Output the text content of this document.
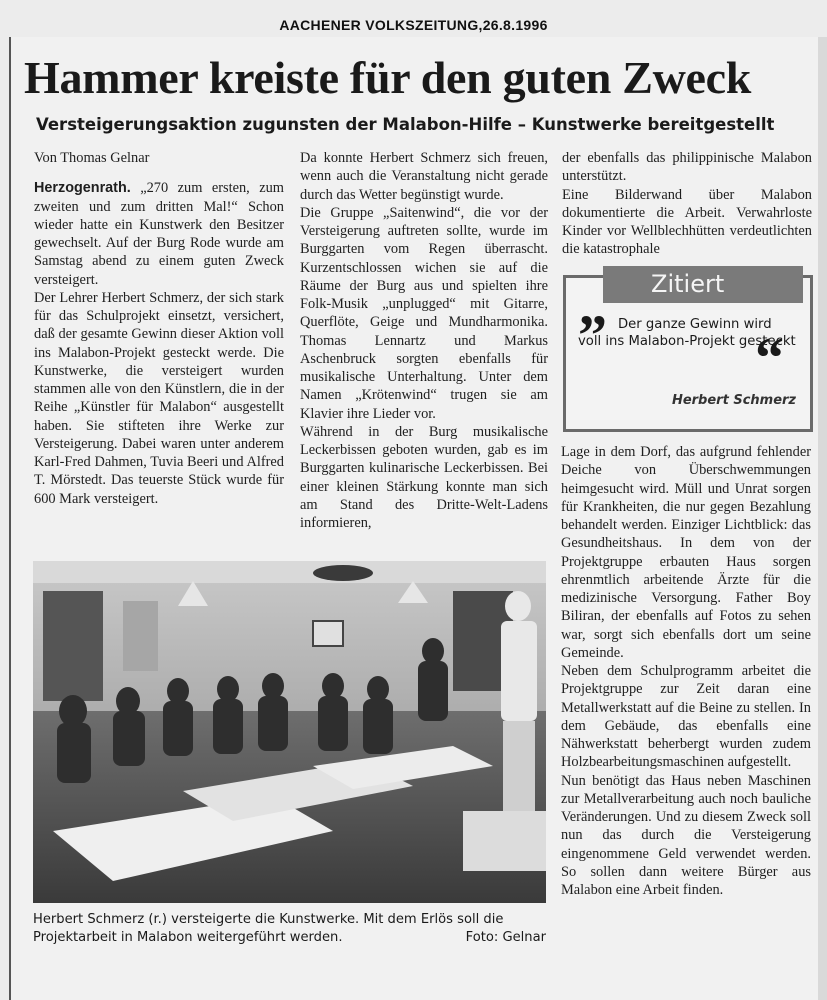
AACHENER VOLKSZEITUNG,26.8.1996
Hammer kreiste für den guten Zweck
Versteigerungsaktion zugunsten der Malabon-Hilfe – Kunstwerke bereitgestellt

Von Thomas Gelnar

Herzogenrath. „270 zum ersten, zum zweiten und zum dritten Mal!“ Schon wieder hatte ein Kunstwerk den Besitzer gewechselt. Auf der Burg Rode wurde am Samstag abend zu einem guten Zweck versteigert.

Der Lehrer Herbert Schmerz, der sich stark für das Schulprojekt einsetzt, versichert, daß der gesamte Gewinn dieser Aktion voll ins Malabon-Projekt gesteckt werde. Die Kunstwerke, die versteigert wurden stammen alle von den Künstlern, die in der Reihe „Künstler für Malabon“ ausgestellt haben. Sie stifteten ihre Werke zur Versteigerung. Dabei waren unter anderem Karl-Fred Dahmen, Tuvia Beeri und Alfred T. Mörstedt. Das teuerste Stück wurde für 600 Mark versteigert.

Da konnte Herbert Schmerz sich freuen, wenn auch die Veranstaltung nicht gerade durch das Wetter begünstigt wurde.

Die Gruppe „Saitenwind“, die vor der Versteigerung auftreten sollte, wurde im Burggarten vom Regen überrascht. Kurzentschlossen wichen sie auf die Räume der Burg aus und spielten ihre Folk-Musik „unplugged“ mit Gitarre, Querflöte, Geige und Mundharmonika. Thomas Lennartz und Markus Aschenbruck sorgten ebenfalls für musikalische Unterhaltung. Unter dem Namen „Krötenwind“ trugen sie am Klavier ihre Lieder vor.

Während in der Burg musikalische Leckerbissen geboten wurden, gab es im Burggarten kulinarische Leckerbissen. Bei einer kleinen Stärkung konnte man sich am Stand des Dritte-Welt-Ladens informieren,

der ebenfalls das philippinische Malabon unterstützt.

Eine Bilderwand über Malabon dokumentierte die Arbeit. Verwahrloste Kinder vor Wellblechhütten verdeutlichten die katastrophale

Zitiert
” Der ganze Gewinn wird voll ins Malabon-Projekt gesteckt
“
Herbert Schmerz

Lage in dem Dorf, das aufgrund fehlender Deiche von Überschwemmungen heimgesucht wird. Müll und Unrat sorgen für Krankheiten, die nur gegen Bezahlung behandelt werden. Einziger Lichtblick: das Gesundheitshaus. In dem von der Projektgruppe erbauten Haus sorgen ehrenmtlich arbeitende Ärzte für die medizinische Versorgung. Father Boy Biliran, der ebenfalls auf Fotos zu sehen war, sorgt sich ebenfalls dort um seine Gemeinde.

Neben dem Schulprogramm arbeitet die Projektgruppe zur Zeit daran eine Metallwerkstatt auf die Beine zu stellen. In dem Gebäude, das ebenfalls eine Nähwerkstatt beherbergt wurden zudem Holzbearbeitungsmaschinen aufgestellt.

Nun benötigt das Haus neben Maschinen zur Metallverarbeitung auch noch bauliche Veränderungen. Und zu diesem Zweck soll nun das durch die Versteigerung eingenommene Geld verwendet werden. So sollen dann weitere Bürger aus Malabon eine Arbeit finden.

Herbert Schmerz (r.) versteigerte die Kunstwerke. Mit dem Erlös soll die Projektarbeit in Malabon weitergeführt werden.	Foto: Gelnar
